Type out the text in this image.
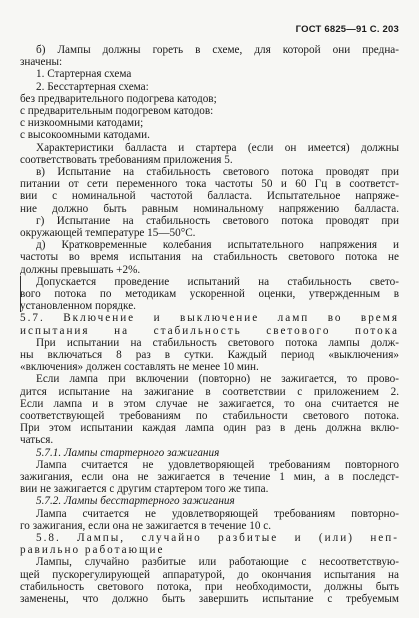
ГОСТ 6825—91 С. 203
б) Лампы должны гореть в схеме, для которой они предна-
значены:
1. Стартерная схема
2. Бесстартерная схема:
без предварительного подогрева катодов;
с предварительным подогревом катодов:
с низкоомными катодами;
с высокоомными катодами.
Характеристики балласта и стартера (если он имеется) должны
соответствовать требованиям приложения 5.
в) Испытание на стабильность светового потока проводят при
питании от сети переменного тока частоты 50 и 60 Гц в соответст-
вии с номинальной частотой балласта. Испытательное напряже-
ние должно быть равным номинальному напряжению балласта.
г) Испытание на стабильность светового потока проводят при
окружающей температуре 15—50°С.
д) Кратковременные колебания испытательного напряжения и
частоты во время испытания на стабильность светового потока не
должны превышать +2%.
Допускается проведение испытаний на стабильность свето-
вого потока по методикам ускоренной оценки, утвержденным в
установленном порядке.
5.7. Включение и выключение ламп во время
испытания на стабильность светового потока
При испытании на стабильность светового потока лампы долж-
ны включаться 8 раз в сутки. Каждый период «выключения»
«включения» должен составлять не менее 10 мин.
Если лампа при включении (повторно) не зажигается, то прово-
дится испытание на зажигание в соответствии с приложением 2.
Если лампа и в этом случае не зажигается, то она считается не
соответствующей требованиям по стабильности светового потока.
При этом испытании каждая лампа один раз в день должна вклю-
чаться.
5.7.1. Лампы стартерного зажигания
Лампа считается не удовлетворяющей требованиям повторного
зажигания, если она не зажигается в течение 1 мин, а в последст-
вии не зажигается с другим стартером того же типа.
5.7.2. Лампы бесстартерного зажигания
Лампа считается не удовлетворяющей требованиям повторно-
го зажигания, если она не зажигается в течение 10 с.
5.8. Лампы, случайно разбитые и (или) неп-
равильно работающие
Лампы, случайно разбитые или работающие с несоответствую-
щей пускорегулирующей аппаратурой, до окончания испытания на
стабильность светового потока, при необходимости, должны быть
заменены, что должно быть завершить испытание с требуемым
